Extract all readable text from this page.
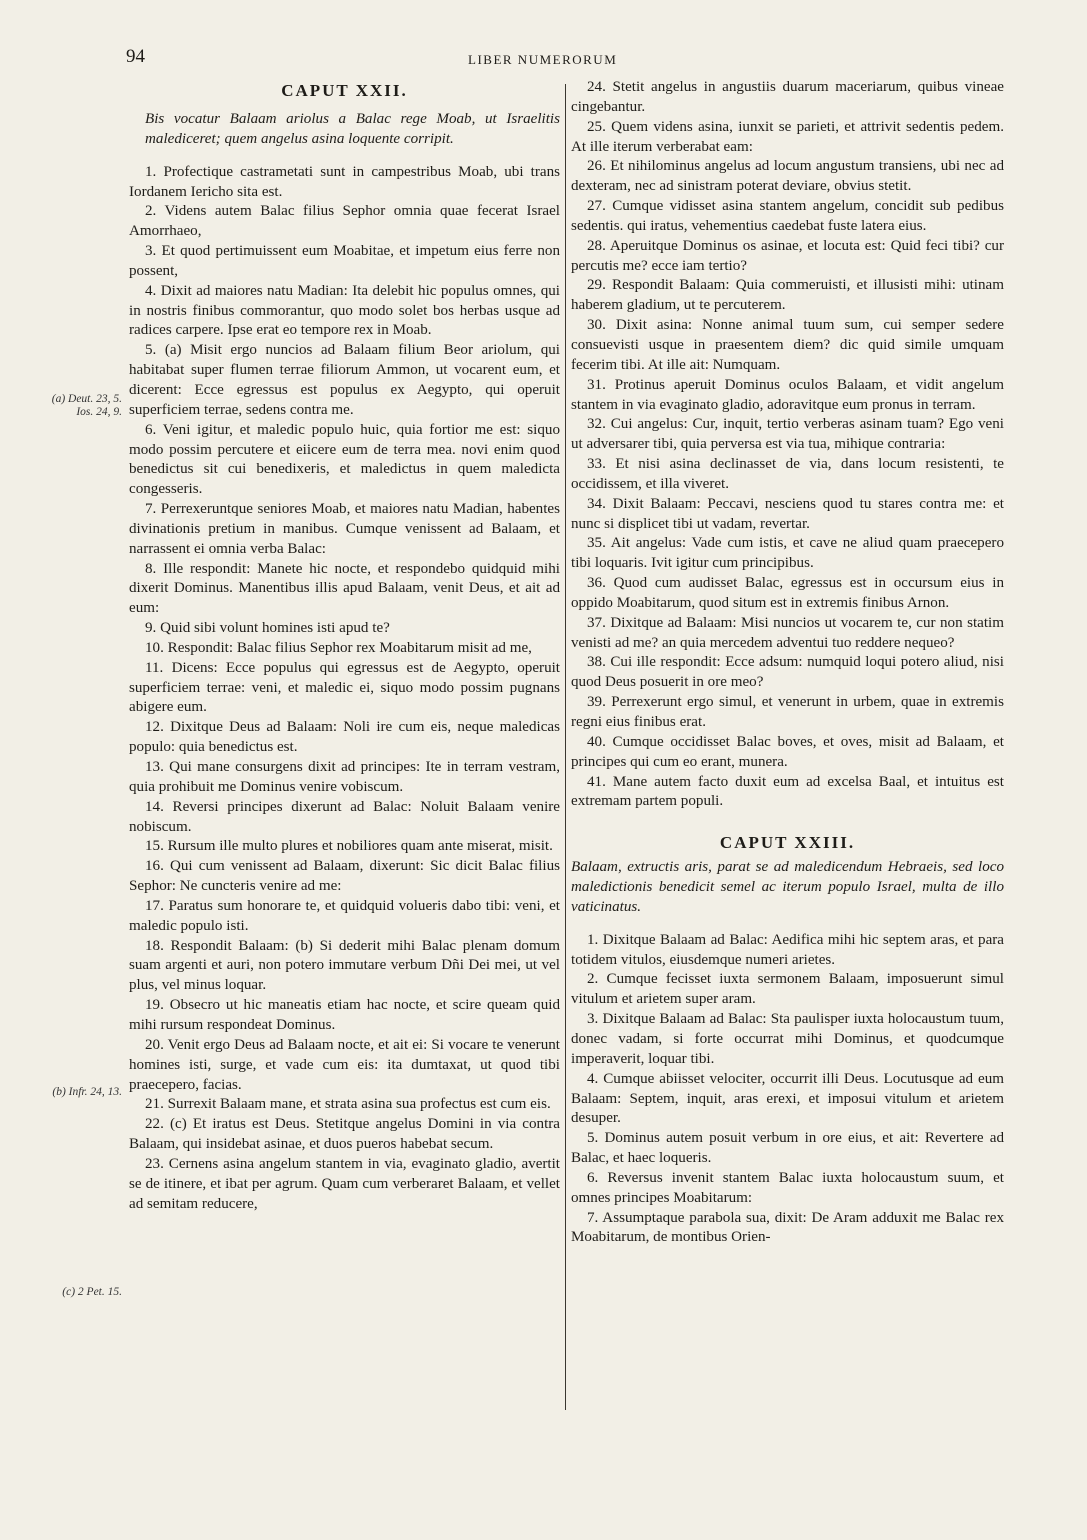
94	LIBER NUMERORUM
(a) Deut. 23, 5. Ios. 24, 9.
(b) Infr. 24, 13.
(c) 2 Pet. 15.
CAPUT XXII.
Bis vocatur Balaam ariolus a Balac rege Moab, ut Israelitis malediceret; quem angelus asina loquente corripit.

1. Profectique castrametati sunt in campestribus Moab, ubi trans Iordanem Iericho sita est.

2. Videns autem Balac filius Sephor omnia quae fecerat Israel Amorrhaeo,

3. Et quod pertimuissent eum Moabitae, et impetum eius ferre non possent,

4. Dixit ad maiores natu Madian: Ita delebit hic populus omnes, qui in nostris finibus commorantur, quo modo solet bos herbas usque ad radices carpere. Ipse erat eo tempore rex in Moab.

5. (a) Misit ergo nuncios ad Balaam filium Beor ariolum, qui habitabat super flumen terrae filiorum Ammon, ut vocarent eum, et dicerent: Ecce egressus est populus ex Aegypto, qui operuit superficiem terrae, sedens contra me.

6. Veni igitur, et maledic populo huic, quia fortior me est: siquo modo possim percutere et eiicere eum de terra mea. novi enim quod benedictus sit cui benedixeris, et maledictus in quem maledicta congesseris.

7. Perrexeruntque seniores Moab, et maiores natu Madian, habentes divinationis pretium in manibus. Cumque venissent ad Balaam, et narrassent ei omnia verba Balac:

8. Ille respondit: Manete hic nocte, et respondebo quidquid mihi dixerit Dominus. Manentibus illis apud Balaam, venit Deus, et ait ad eum:

9. Quid sibi volunt homines isti apud te?

10. Respondit: Balac filius Sephor rex Moabitarum misit ad me,

11. Dicens: Ecce populus qui egressus est de Aegypto, operuit superficiem terrae: veni, et maledic ei, siquo modo possim pugnans abigere eum.

12. Dixitque Deus ad Balaam: Noli ire cum eis, neque maledicas populo: quia benedictus est.

13. Qui mane consurgens dixit ad principes: Ite in terram vestram, quia prohibuit me Dominus venire vobiscum.

14. Reversi principes dixerunt ad Balac: Noluit Balaam venire nobiscum.

15. Rursum ille multo plures et nobiliores quam ante miserat, misit.

16. Qui cum venissent ad Balaam, dixerunt: Sic dicit Balac filius Sephor: Ne cuncteris venire ad me:

17. Paratus sum honorare te, et quidquid volueris dabo tibi: veni, et maledic populo isti.

18. Respondit Balaam: (b) Si dederit mihi Balac plenam domum suam argenti et auri, non potero immutare verbum Dñi Dei mei, ut vel plus, vel minus loquar.

19. Obsecro ut hic maneatis etiam hac nocte, et scire queam quid mihi rursum respondeat Dominus.

20. Venit ergo Deus ad Balaam nocte, et ait ei: Si vocare te venerunt homines isti, surge, et vade cum eis: ita dumtaxat, ut quod tibi praecepero, facias.

21. Surrexit Balaam mane, et strata asina sua profectus est cum eis.

22. (c) Et iratus est Deus. Stetitque angelus Domini in via contra Balaam, qui insidebat asinae, et duos pueros habebat secum.

23. Cernens asina angelum stantem in via, evaginato gladio, avertit se de itinere, et ibat per agrum. Quam cum verberaret Balaam, et vellet ad semitam reducere,

24. Stetit angelus in angustiis duarum maceriarum, quibus vineae cingebantur.

25. Quem videns asina, iunxit se parieti, et attrivit sedentis pedem. At ille iterum verberabat eam:

26. Et nihilominus angelus ad locum angustum transiens, ubi nec ad dexteram, nec ad sinistram poterat deviare, obvius stetit.

27. Cumque vidisset asina stantem angelum, concidit sub pedibus sedentis. qui iratus, vehementius caedebat fuste latera eius.

28. Aperuitque Dominus os asinae, et locuta est: Quid feci tibi? cur percutis me? ecce iam tertio?

29. Respondit Balaam: Quia commeruisti, et illusisti mihi: utinam haberem gladium, ut te percuterem.

30. Dixit asina: Nonne animal tuum sum, cui semper sedere consuevisti usque in praesentem diem? dic quid simile umquam fecerim tibi. At ille ait: Numquam.

31. Protinus aperuit Dominus oculos Balaam, et vidit angelum stantem in via evaginato gladio, adoravitque eum pronus in terram.

32. Cui angelus: Cur, inquit, tertio verberas asinam tuam? Ego veni ut adversarer tibi, quia perversa est via tua, mihique contraria:

33. Et nisi asina declinasset de via, dans locum resistenti, te occidissem, et illa viveret.

34. Dixit Balaam: Peccavi, nesciens quod tu stares contra me: et nunc si displicet tibi ut vadam, revertar.

35. Ait angelus: Vade cum istis, et cave ne aliud quam praecepero tibi loquaris. Ivit igitur cum principibus.

36. Quod cum audisset Balac, egressus est in occursum eius in oppido Moabitarum, quod situm est in extremis finibus Arnon.

37. Dixitque ad Balaam: Misi nuncios ut vocarem te, cur non statim venisti ad me? an quia mercedem adventui tuo reddere nequeo?

38. Cui ille respondit: Ecce adsum: numquid loqui potero aliud, nisi quod Deus posuerit in ore meo?

39. Perrexerunt ergo simul, et venerunt in urbem, quae in extremis regni eius finibus erat.

40. Cumque occidisset Balac boves, et oves, misit ad Balaam, et principes qui cum eo erant, munera.

41. Mane autem facto duxit eum ad excelsa Baal, et intuitus est extremam partem populi.

CAPUT XXIII.
Balaam, extructis aris, parat se ad maledicendum Hebraeis, sed loco maledictionis benedicit semel ac iterum populo Israel, multa de illo vaticinatus.

1. Dixitque Balaam ad Balac: Aedifica mihi hic septem aras, et para totidem vitulos, eiusdemque numeri arietes.

2. Cumque fecisset iuxta sermonem Balaam, imposuerunt simul vitulum et arietem super aram.

3. Dixitque Balaam ad Balac: Sta paulisper iuxta holocaustum tuum, donec vadam, si forte occurrat mihi Dominus, et quodcumque imperaverit, loquar tibi.

4. Cumque abiisset velociter, occurrit illi Deus. Locutusque ad eum Balaam: Septem, inquit, aras erexi, et imposui vitulum et arietem desuper.

5. Dominus autem posuit verbum in ore eius, et ait: Revertere ad Balac, et haec loqueris.

6. Reversus invenit stantem Balac iuxta holocaustum suum, et omnes principes Moabitarum:

7. Assumptaque parabola sua, dixit: De Aram adduxit me Balac rex Moabitarum, de montibus Orien-
